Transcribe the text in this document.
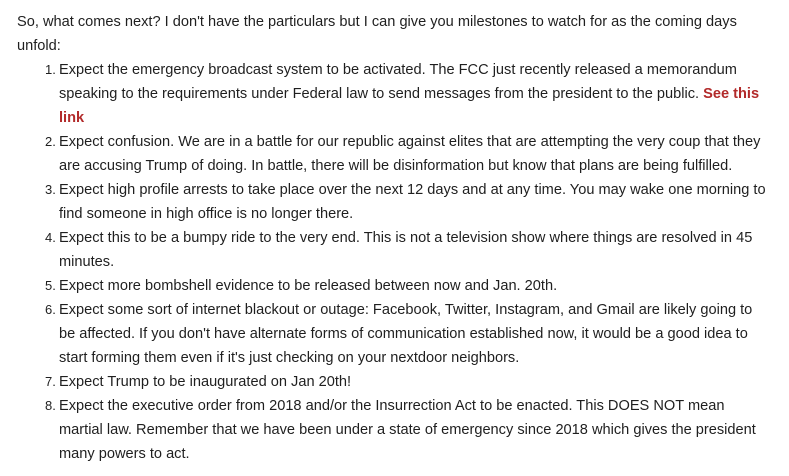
So, what comes next? I don't have the particulars but I can give you milestones to watch for as the coming days unfold:

1. Expect the emergency broadcast system to be activated. The FCC just recently released a memorandum speaking to the requirements under Federal law to send messages from the president to the public. See this link
2. Expect confusion. We are in a battle for our republic against elites that are attempting the very coup that they are accusing Trump of doing. In battle, there will be disinformation but know that plans are being fulfilled.
3. Expect high profile arrests to take place over the next 12 days and at any time. You may wake one morning to find someone in high office is no longer there.
4. Expect this to be a bumpy ride to the very end. This is not a television show where things are resolved in 45 minutes.
5. Expect more bombshell evidence to be released between now and Jan. 20th.
6. Expect some sort of internet blackout or outage: Facebook, Twitter, Instagram, and Gmail are likely going to be affected. If you don't have alternate forms of communication established now, it would be a good idea to start forming them even if it's just checking on your nextdoor neighbors.
7. Expect Trump to be inaugurated on Jan 20th!
8. Expect the executive order from 2018 and/or the Insurrection Act to be enacted. This DOES NOT mean martial law. Remember that we have been under a state of emergency since 2018 which gives the president many powers to act.
